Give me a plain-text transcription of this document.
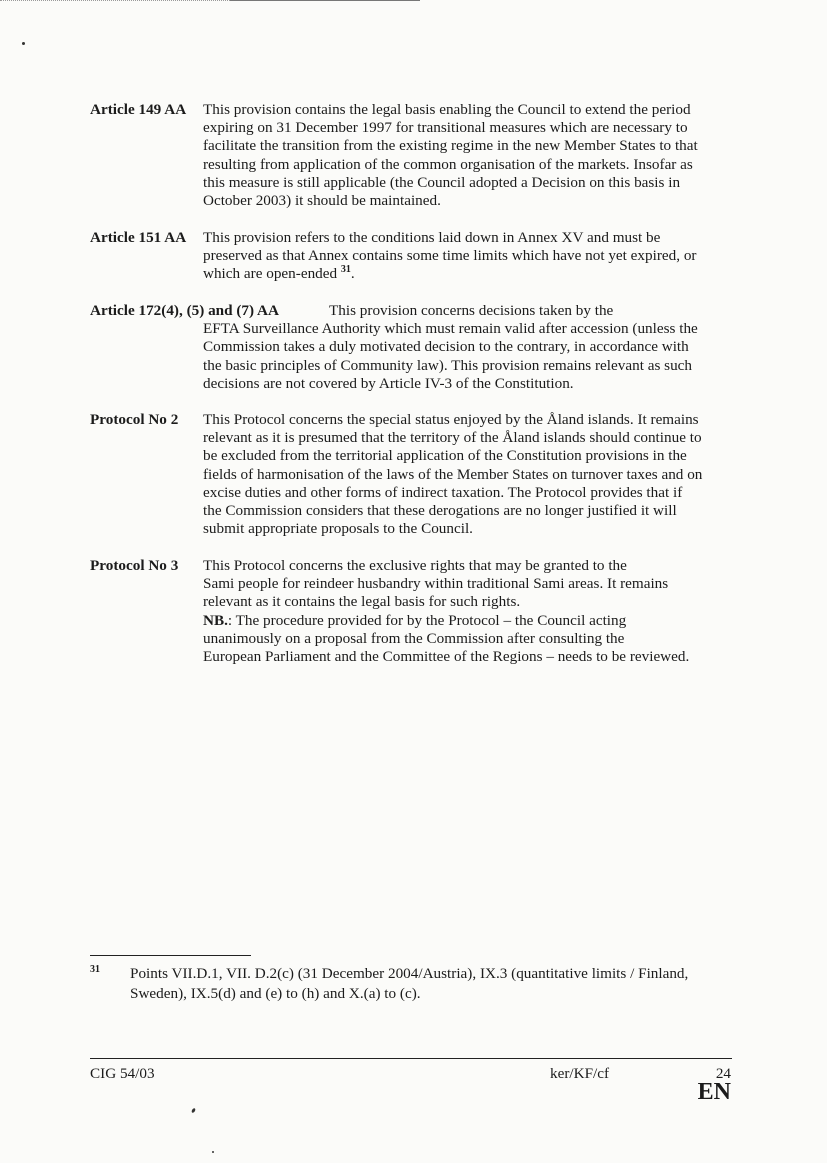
Article 149 AA This provision contains the legal basis enabling the Council to extend the period
expiring on 31 December 1997 for transitional measures which are necessary to
facilitate the transition from the existing regime in the new Member States to that
resulting from application of the common organisation of the markets. Insofar as
this measure is still applicable (the Council adopted a Decision on this basis in
October 2003) it should be maintained.
Article 151 AA This provision refers to the conditions laid down in Annex XV and must be
preserved as that Annex contains some time limits which have not yet expired, or
which are open-ended $^{31}$.
Article 172(4), (5) and (7) AA	This provision concerns decisions taken by the
EFTA Surveillance Authority which must remain valid after accession (unless the
Commission takes a duly motivated decision to the contrary, in accordance with
the basic principles of Community law). This provision remains relevant as such
decisions are not covered by Article IV-3 of the Constitution.
Protocol No 2 This Protocol concerns the special status enjoyed by the Åland islands. It remains
relevant as it is presumed that the territory of the Åland islands should continue to
be excluded from the territorial application of the Constitution provisions in the
fields of harmonisation of the laws of the Member States on turnover taxes and on
excise duties and other forms of indirect taxation. The Protocol provides that if
the Commission considers that these derogations are no longer justified it will
submit appropriate proposals to the Council.
Protocol No 3 This Protocol concerns the exclusive rights that may be granted to the
Sami people for reindeer husbandry within traditional Sami areas. It remains
relevant as it contains the legal basis for such rights.
NB.: The procedure provided for by the Protocol – the Council acting
unanimously on a proposal from the Commission after consulting the
European Parliament and the Committee of the Regions – needs to be reviewed.
31 Points VII.D.1, VII. D.2(c) (31 December 2004/Austria), IX.3 (quantitative limits / Finland,
Sweden), IX.5(d) and (e) to (h) and X.(a) to (c).
CIG 54/03	ker/KF/cf	24
EN
